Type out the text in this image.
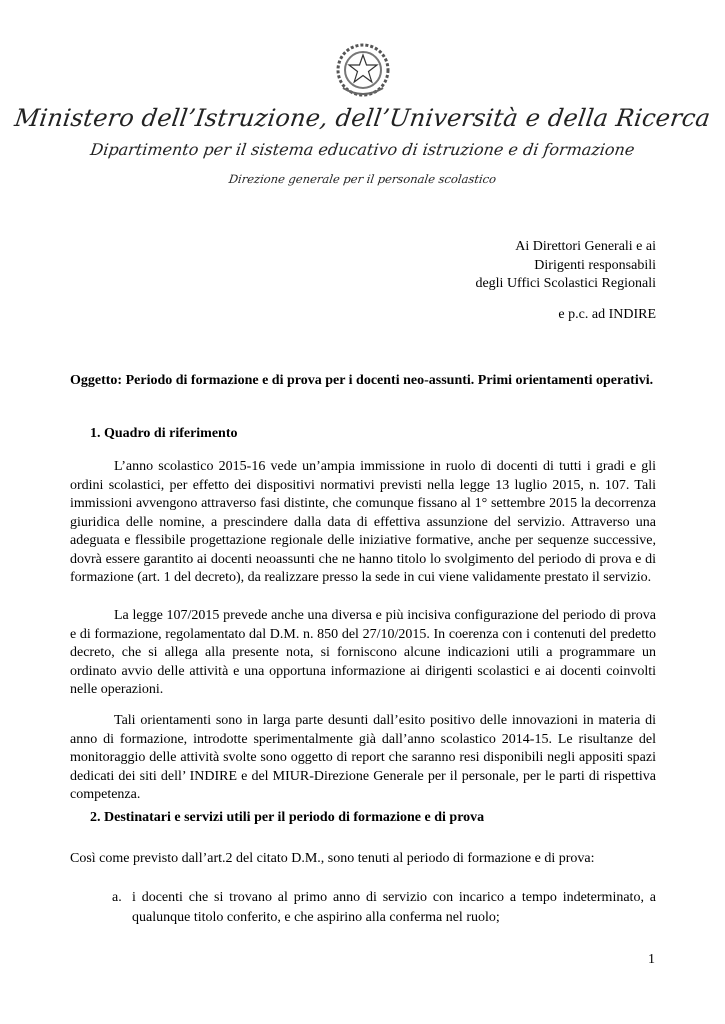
Ministero dell’Istruzione, dell’Università e della Ricerca
Dipartimento per il sistema educativo di istruzione e di formazione
Direzione generale per il personale scolastico
Ai Direttori Generali e ai
Dirigenti responsabili
degli Uffici Scolastici Regionali
e p.c. ad INDIRE
Oggetto: Periodo di formazione e di prova per i docenti neo-assunti. Primi orientamenti operativi.
1. Quadro di riferimento

L’anno scolastico 2015-16 vede un’ampia immissione in ruolo di docenti di tutti i gradi e gli ordini scolastici, per effetto dei dispositivi normativi previsti nella legge 13 luglio 2015, n. 107. Tali immissioni avvengono attraverso fasi distinte, che comunque fissano al 1° settembre 2015 la decorrenza giuridica delle nomine, a prescindere dalla data di effettiva assunzione del servizio. Attraverso una adeguata e flessibile progettazione regionale delle iniziative formative, anche per sequenze successive, dovrà essere garantito ai docenti neoassunti che ne hanno titolo lo svolgimento del periodo di prova e di formazione (art. 1 del decreto), da realizzare presso la sede in cui viene validamente prestato il servizio.

La legge 107/2015 prevede anche una diversa e più incisiva configurazione del periodo di prova e di formazione, regolamentato dal D.M. n. 850 del 27/10/2015. In coerenza con i contenuti del predetto decreto, che si allega alla presente nota, si forniscono alcune indicazioni utili a programmare un ordinato avvio delle attività e una opportuna informazione ai dirigenti scolastici e ai docenti coinvolti nelle operazioni.

Tali orientamenti sono in larga parte desunti dall’esito positivo delle innovazioni in materia di anno di formazione, introdotte sperimentalmente già dall’anno scolastico 2014-15. Le risultanze del monitoraggio delle attività svolte sono oggetto di report che saranno resi disponibili negli appositi spazi dedicati dei siti dell’ INDIRE e del MIUR-Direzione Generale per il personale, per le parti di rispettiva competenza.

2. Destinatari e servizi utili per il periodo di formazione e di prova
Così come previsto dall’art.2 del citato D.M., sono tenuti al periodo di formazione e di prova:
a. i docenti che si trovano al primo anno di servizio con incarico a tempo indeterminato, a qualunque titolo conferito, e che aspirino alla conferma nel ruolo;
1
